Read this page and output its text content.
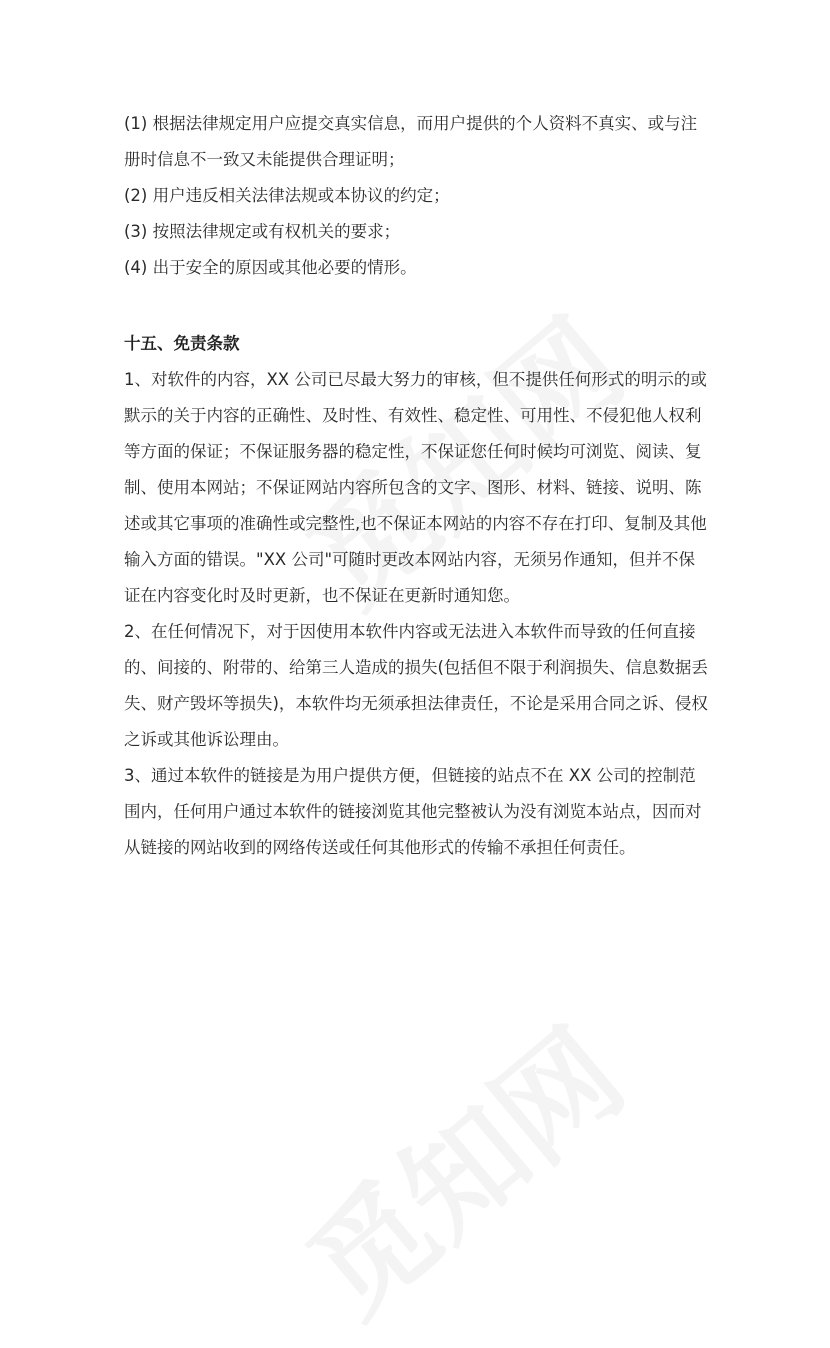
(1) 根据法律规定用户应提交真实信息，而用户提供的个人资料不真实、或与注册时信息不一致又未能提供合理证明；

(2) 用户违反相关法律法规或本协议的约定；

(3) 按照法律规定或有权机关的要求；

(4) 出于安全的原因或其他必要的情形。

十五、免责条款

1、对软件的内容，XX 公司已尽最大努力的审核，但不提供任何形式的明示的或默示的关于内容的正确性、及时性、有效性、稳定性、可用性、不侵犯他人权利等方面的保证；不保证服务器的稳定性，不保证您任何时候均可浏览、阅读、复制、使用本网站；不保证网站内容所包含的文字、图形、材料、链接、说明、陈述或其它事项的准确性或完整性,也不保证本网站的内容不存在打印、复制及其他输入方面的错误。"XX 公司"可随时更改本网站内容，无须另作通知，但并不保证在内容变化时及时更新，也不保证在更新时通知您。

2、在任何情况下，对于因使用本软件内容或无法进入本软件而导致的任何直接的、间接的、附带的、给第三人造成的损失(包括但不限于利润损失、信息数据丢失、财产毁坏等损失)，本软件均无须承担法律责任，不论是采用合同之诉、侵权之诉或其他诉讼理由。

3、通过本软件的链接是为用户提供方便，但链接的站点不在 XX 公司的控制范围内，任何用户通过本软件的链接浏览其他完整被认为没有浏览本站点，因而对从链接的网站收到的网络传送或任何其他形式的传输不承担任何责任。
